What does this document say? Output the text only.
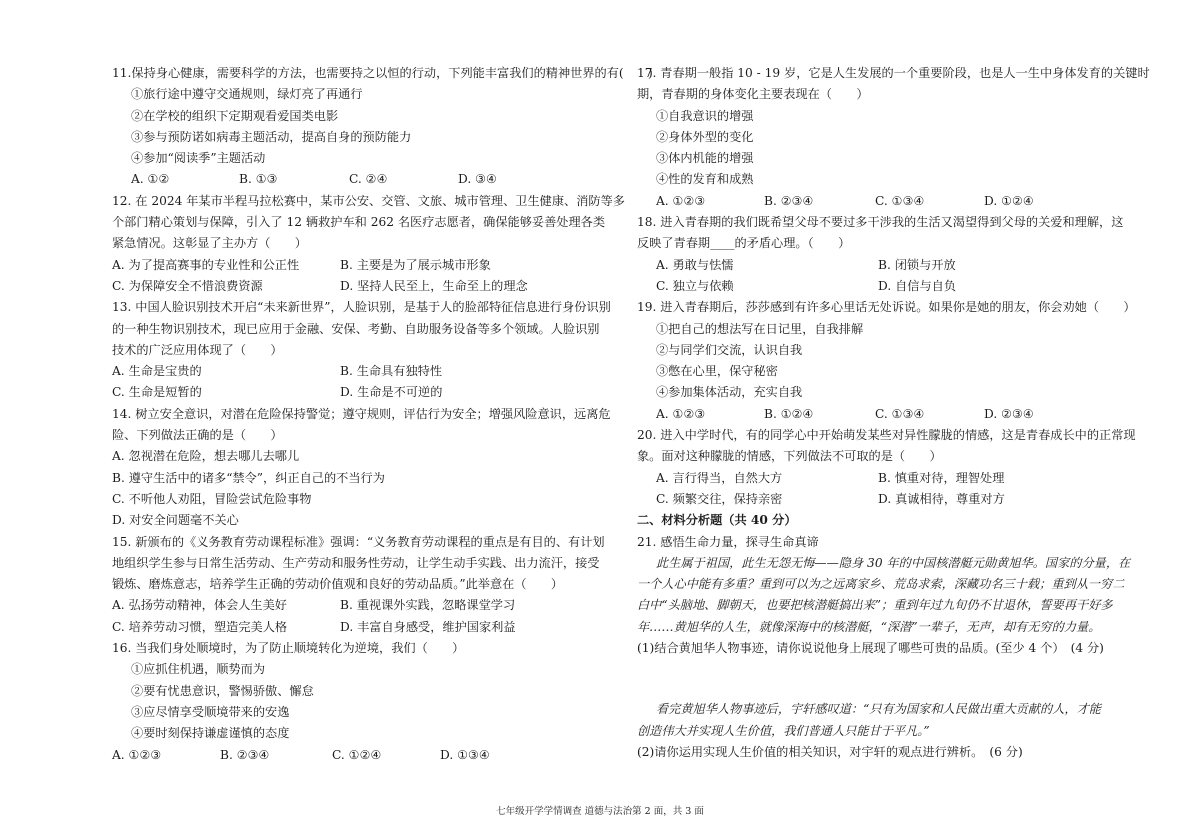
11.保持身心健康，需要科学的方法，也需要持之以恒的行动，下列能丰富我们的精神世界的有(　　)
①旅行途中遵守交通规则，绿灯亮了再通行
②在学校的组织下定期观看爱国类电影
③参与预防诺如病毒主题活动，提高自身的预防能力
④参加“阅读季”主题活动
A. ①②	B. ①③	C. ②④	D. ③④
12. 在 2024 年某市半程马拉松赛中，某市公安、交管、文旅、城市管理、卫生健康、消防等多
个部门精心策划与保障，引入了 12 辆救护车和 262 名医疗志愿者，确保能够妥善处理各类
紧急情况。这彰显了主办方（　　）
A. 为了提高赛事的专业性和公正性	B. 主要是为了展示城市形象
C. 为保障安全不惜浪费资源	D. 坚持人民至上，生命至上的理念
13. 中国人脸识别技术开启“未来新世界”，人脸识别，是基于人的脸部特征信息进行身份识别
的一种生物识别技术，现已应用于金融、安保、考勤、自助服务设备等多个领域。人脸识别
技术的广泛应用体现了（　　）
A. 生命是宝贵的	B. 生命具有独特性
C. 生命是短暂的	D. 生命是不可逆的
14. 树立安全意识，对潜在危险保持警觉；遵守规则，评估行为安全；增强风险意识，远离危
险、下列做法正确的是（　　）
A. 忽视潜在危险，想去哪儿去哪儿
B. 遵守生活中的诸多“禁令”，纠正自己的不当行为
C. 不听他人劝阻，冒险尝试危险事物
D. 对安全问题毫不关心
15. 新颁布的《义务教育劳动课程标准》强调：“义务教育劳动课程的重点是有目的、有计划
地组织学生参与日常生活劳动、生产劳动和服务性劳动，让学生动手实践、出力流汗，接受
锻炼、磨炼意志，培养学生正确的劳动价值观和良好的劳动品质。”此举意在（　　）
A. 弘扬劳动精神，体会人生美好	B. 重视课外实践，忽略课堂学习
C. 培养劳动习惯，塑造完美人格	D. 丰富自身感受，维护国家利益
16. 当我们身处顺境时，为了防止顺境转化为逆境，我们（　　）
①应抓住机遇，顺势而为
②要有忧患意识，警惕骄傲、懈怠
③应尽情享受顺境带来的安逸
④要时刻保持谦虚谨慎的态度
A. ①②③	B. ②③④	C. ①②④	D. ①③④
17. 青春期一般指 10 - 19 岁，它是人生发展的一个重要阶段，也是人一生中身体发育的关键时
期，青春期的身体变化主要表现在（　　）
①自我意识的增强
②身体外型的变化
③体内机能的增强
④性的发育和成熟
A. ①②③	B. ②③④	C. ①③④	D. ①②④
18. 进入青春期的我们既希望父母不要过多干涉我的生活又渴望得到父母的关爱和理解，这
反映了青春期____的矛盾心理。（　　）
A. 勇敢与怯懦	B. 闭锁与开放
C. 独立与依赖	D. 自信与自负
19. 进入青春期后，莎莎感到有许多心里话无处诉说。如果你是她的朋友，你会劝她（　　）
①把自己的想法写在日记里，自我排解
②与同学们交流，认识自我
③憋在心里，保守秘密
④参加集体活动，充实自我
A. ①②③	B. ①②④	C. ①③④	D. ②③④
20. 进入中学时代，有的同学心中开始萌发某些对异性朦胧的情感，这是青春成长中的正常现
象。面对这种朦胧的情感，下列做法不可取的是（　　）
A. 言行得当，自然大方	B. 慎重对待，理智处理
C. 频繁交往，保持亲密	D. 真诚相待，尊重对方
二、材料分析题（共 40 分）
21. 感悟生命力量，探寻生命真谛
此生属于祖国，此生无怨无悔——隐身 30 年的中国核潜艇元勋黄旭华。国家的分量，在
一个人心中能有多重？重到可以为之远离家乡、荒岛求索，深藏功名三十载；重到从一穷二
白中“头脑地、脚朝天，也要把核潜艇搞出来”；重到年过九旬仍不甘退休，誓要再干好多
年……黄旭华的人生，就像深海中的核潜艇，“深潜”一辈子，无声，却有无穷的力量。
(1)结合黄旭华人物事迹，请你说说他身上展现了哪些可贵的品质。(至少 4 个）　(4 分)
看完黄旭华人物事迹后，宇轩感叹道：“只有为国家和人民做出重大贡献的人，才能
创造伟大并实现人生价值，我们普通人只能甘于平凡。”
(2)请你运用实现人生价值的相关知识，对宇轩的观点进行辨析。　(6 分)
七年级开学学情调查 道德与法治第 2 面，共 3 面
